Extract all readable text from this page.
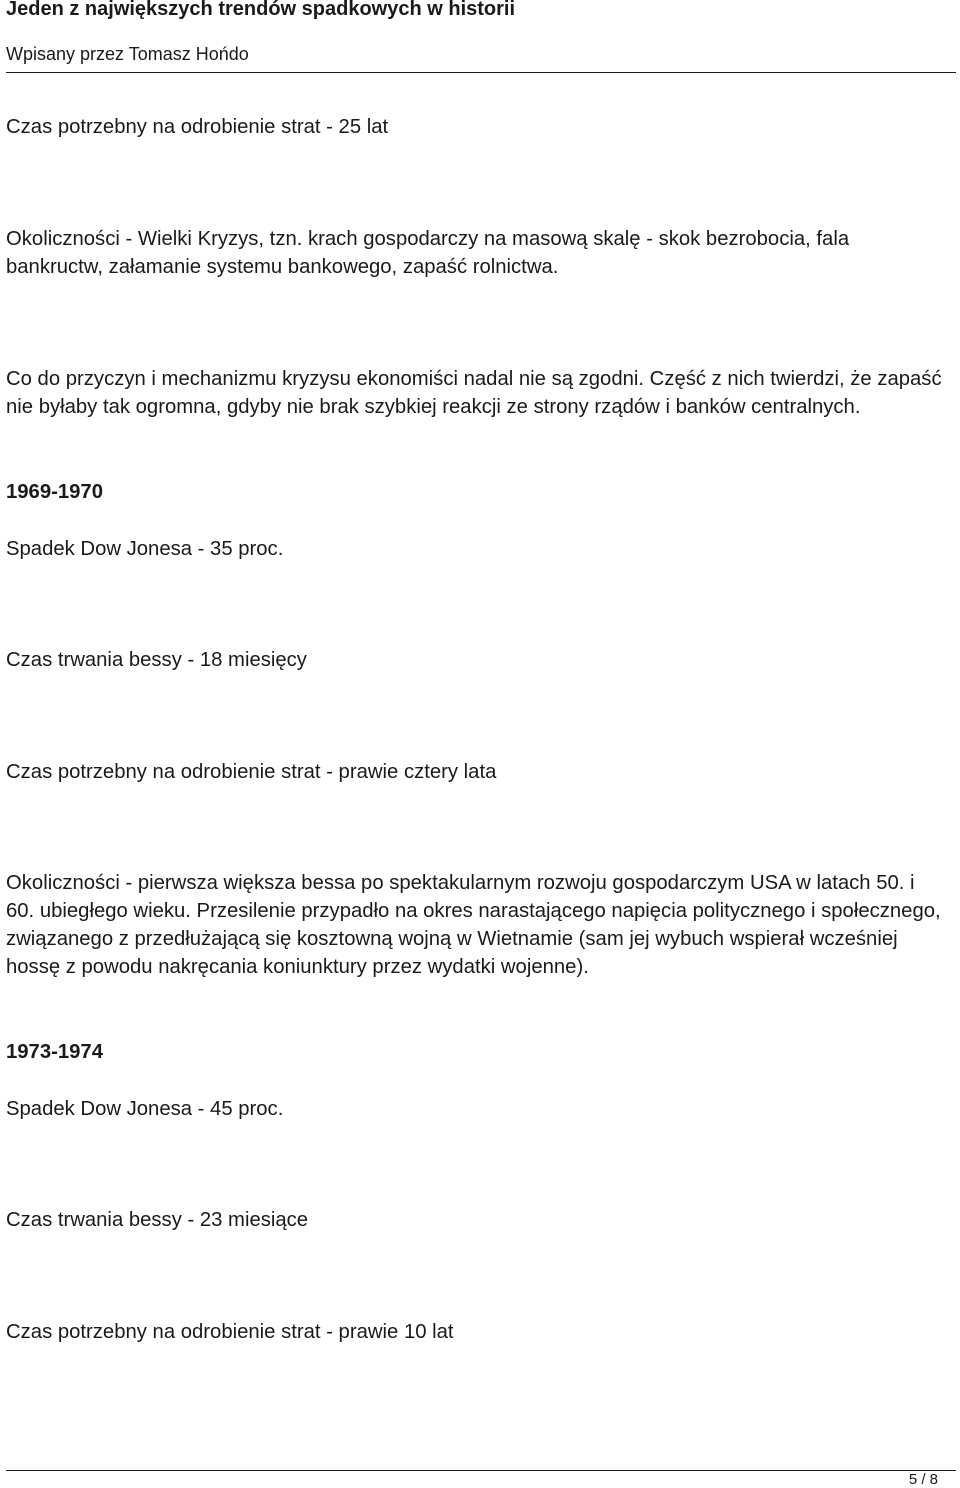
Jeden z największych trendów spadkowych w historii
Wpisany przez Tomasz Hońdo

Czas potrzebny na odrobienie strat - 25 lat

Okoliczności - Wielki Kryzys, tzn. krach gospodarczy na masową skalę - skok bezrobocia, fala bankructw, załamanie systemu bankowego, zapaść rolnictwa.

Co do przyczyn i mechanizmu kryzysu ekonomiści nadal nie są zgodni. Część z nich twierdzi, że zapaść nie byłaby tak ogromna, gdyby nie brak szybkiej reakcji ze strony rządów i banków centralnych.

1969-1970

Spadek Dow Jonesa - 35 proc.

Czas trwania bessy - 18 miesięcy

Czas potrzebny na odrobienie strat - prawie cztery lata

Okoliczności - pierwsza większa bessa po spektakularnym rozwoju gospodarczym USA w latach 50. i 60. ubiegłego wieku. Przesilenie przypadło na okres narastającego napięcia politycznego i społecznego, związanego z przedłużającą się kosztowną wojną w Wietnamie (sam jej wybuch wspierał wcześniej hossę z powodu nakręcania koniunktury przez wydatki wojenne).

1973-1974

Spadek Dow Jonesa - 45 proc.

Czas trwania bessy - 23 miesiące

Czas potrzebny na odrobienie strat - prawie 10 lat

5 / 8
